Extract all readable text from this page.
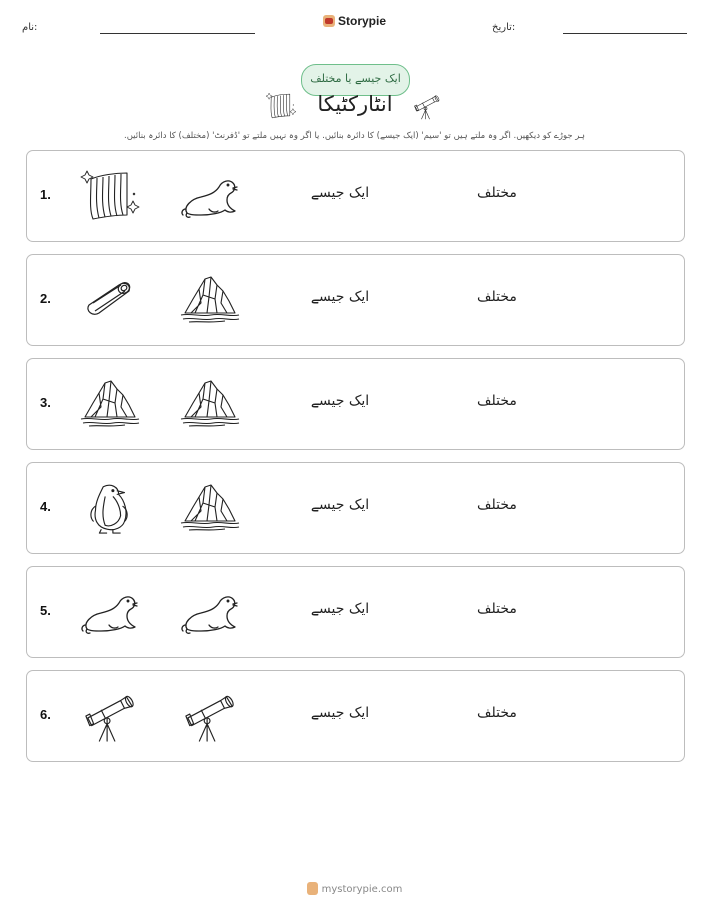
نام:	Storypie	تاریخ:
ایک جیسے یا مختلف
انٹارکٹیکا
ہر جوڑے کو دیکھیں. اگر وہ ملتے ہیں تو 'سیم' (ایک جیسے) کا دائرہ بنائیں. یا اگر وہ نہیں ملتے تو 'ڈفرنٹ' (مختلف) کا دائرہ بنائیں.
1.	ایک جیسے	مختلف
2.	ایک جیسے	مختلف
3.	ایک جیسے	مختلف
4.	ایک جیسے	مختلف
5.	ایک جیسے	مختلف
6.	ایک جیسے	مختلف
mystorypie.com
